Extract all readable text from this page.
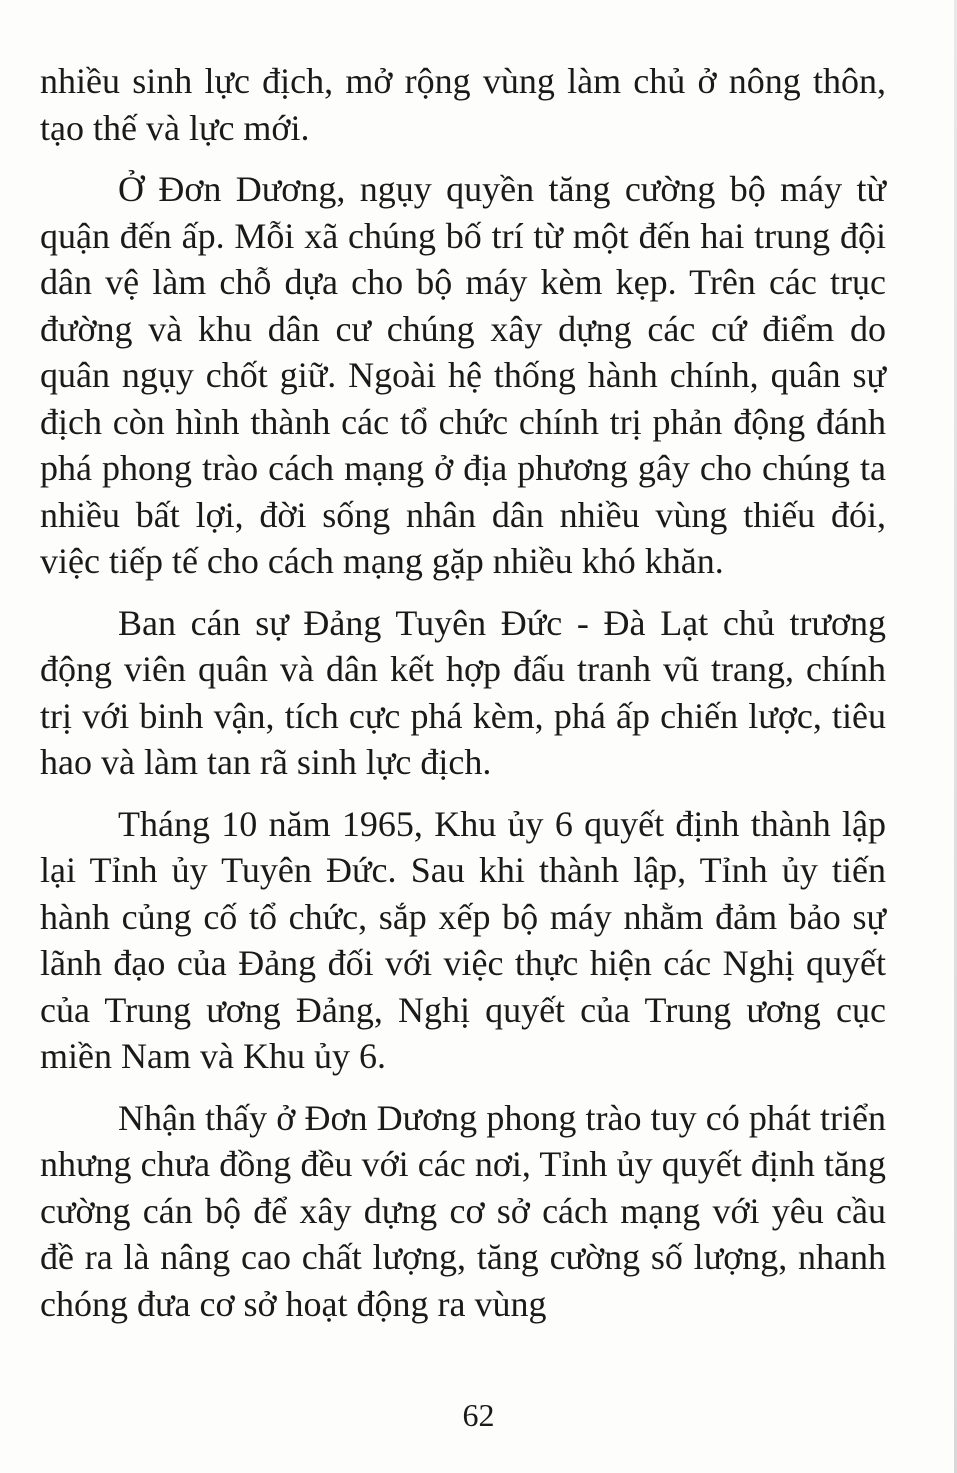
nhiều sinh lực địch, mở rộng vùng làm chủ ở nông thôn, tạo thế và lực mới.

Ở Đơn Dương, ngụy quyền tăng cường bộ máy từ quận đến ấp. Mỗi xã chúng bố trí từ một đến hai trung đội dân vệ làm chỗ dựa cho bộ máy kèm kẹp. Trên các trục đường và khu dân cư chúng xây dựng các cứ điểm do quân ngụy chốt giữ. Ngoài hệ thống hành chính, quân sự địch còn hình thành các tổ chức chính trị phản động đánh phá phong trào cách mạng ở địa phương gây cho chúng ta nhiều bất lợi, đời sống nhân dân nhiều vùng thiếu đói, việc tiếp tế cho cách mạng gặp nhiều khó khăn.

Ban cán sự Đảng Tuyên Đức - Đà Lạt chủ trương động viên quân và dân kết hợp đấu tranh vũ trang, chính trị với binh vận, tích cực phá kèm, phá ấp chiến lược, tiêu hao và làm tan rã sinh lực địch.

Tháng 10 năm 1965, Khu ủy 6 quyết định thành lập lại Tỉnh ủy Tuyên Đức. Sau khi thành lập, Tỉnh ủy tiến hành củng cố tổ chức, sắp xếp bộ máy nhằm đảm bảo sự lãnh đạo của Đảng đối với việc thực hiện các Nghị quyết của Trung ương Đảng, Nghị quyết của Trung ương cục miền Nam và Khu ủy 6.

Nhận thấy ở Đơn Dương phong trào tuy có phát triển nhưng chưa đồng đều với các nơi, Tỉnh ủy quyết định tăng cường cán bộ để xây dựng cơ sở cách mạng với yêu cầu đề ra là nâng cao chất lượng, tăng cường số lượng, nhanh chóng đưa cơ sở hoạt động ra vùng

62
